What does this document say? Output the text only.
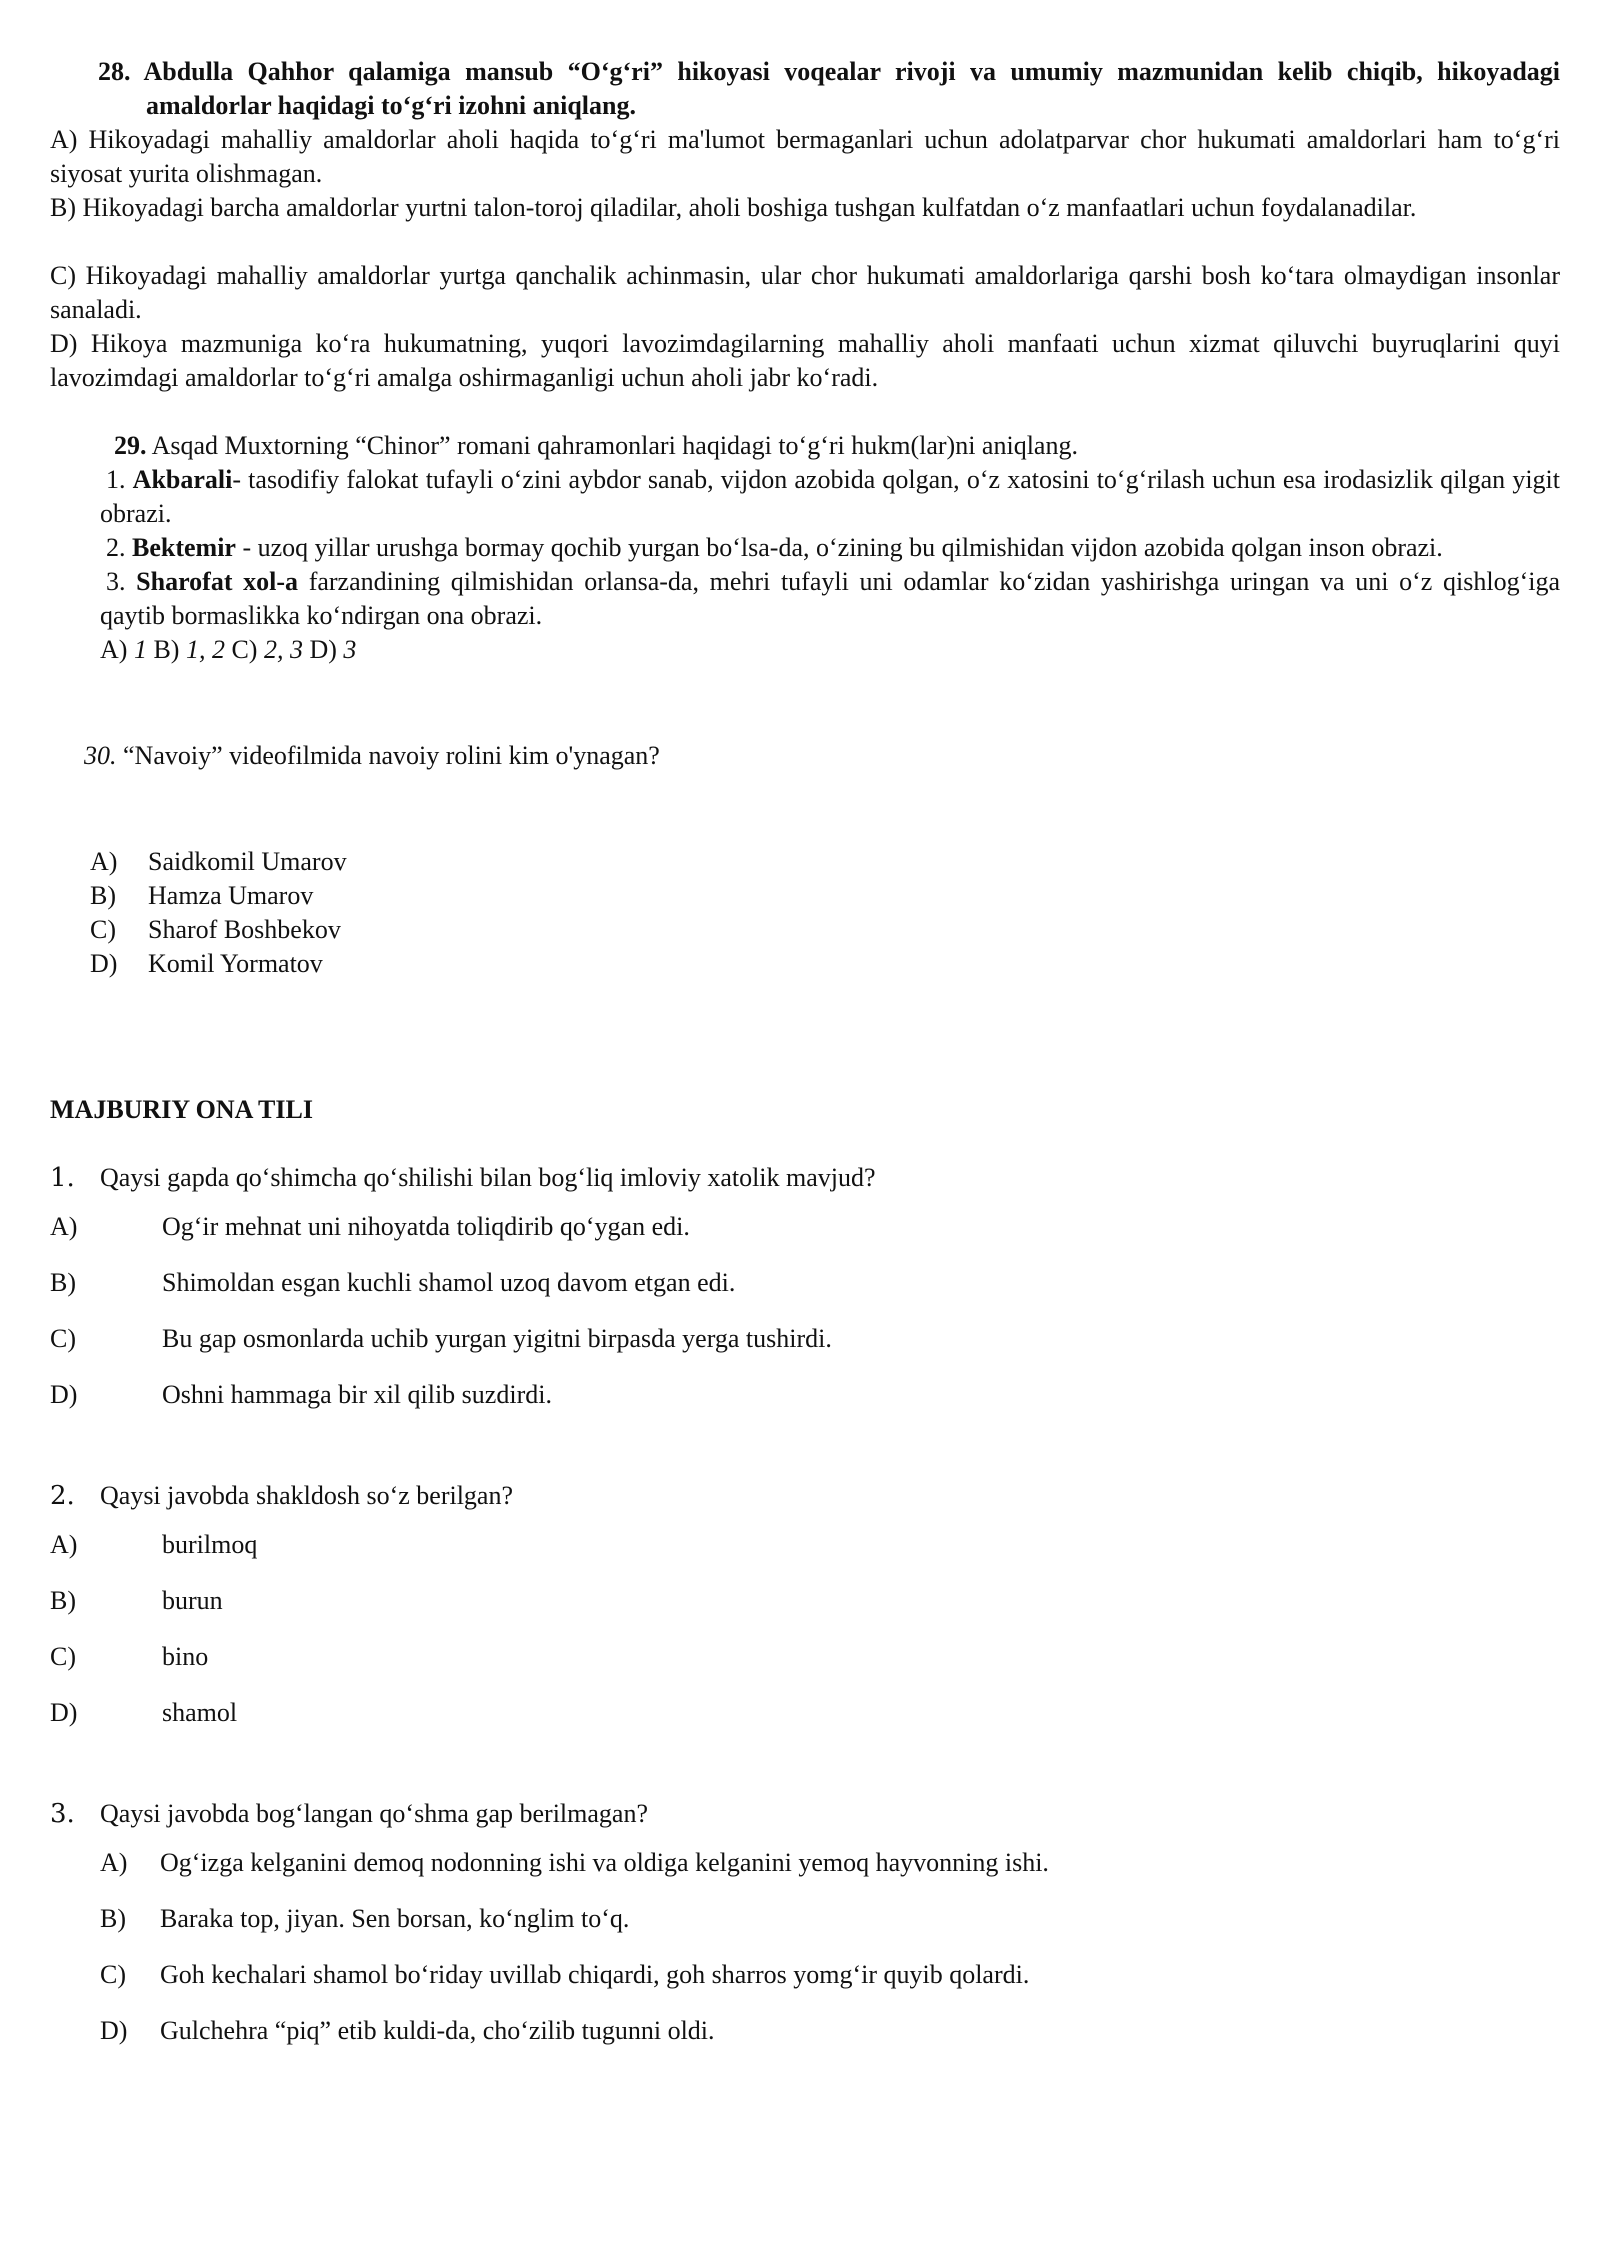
28. Abdulla Qahhor qalamiga mansub “O‘g‘ri” hikoyasi voqealar rivoji va umumiy mazmunidan kelib chiqib, hikoyadagi amaldorlar haqidagi to‘g‘ri izohni aniqlang.

A) Hikoyadagi mahalliy amaldorlar aholi haqida to‘g‘ri ma'lumot bermaganlari uchun adolatparvar chor hukumati amaldorlari ham to‘g‘ri siyosat yurita olishmagan.

B) Hikoyadagi barcha amaldorlar yurtni talon-toroj qiladilar, aholi boshiga tushgan kulfatdan o‘z manfaatlari uchun foydalanadilar.

C) Hikoyadagi mahalliy amaldorlar yurtga qanchalik achinmasin, ular chor hukumati amaldorlariga qarshi bosh ko‘tara olmaydigan insonlar sanaladi.

D) Hikoya mazmuniga ko‘ra hukumatning, yuqori lavozimdagilarning mahalliy aholi manfaati uchun xizmat qiluvchi buyruqlarini quyi lavozimdagi amaldorlar to‘g‘ri amalga oshirmaganligi uchun aholi jabr ko‘radi.

29. Asqad Muxtorning “Chinor” romani qahramonlari haqidagi to‘g‘ri hukm(lar)ni aniqlang.

1. Akbarali- tasodifiy falokat tufayli o‘zini aybdor sanab, vijdon azobida qolgan, o‘z xatosini to‘g‘rilash uchun esa irodasizlik qilgan yigit obrazi.

2. Bektemir - uzoq yillar urushga bormay qochib yurgan bo‘lsa-da, o‘zining bu qilmishidan vijdon azobida qolgan inson obrazi.

3. Sharofat xol-a farzandining qilmishidan orlansa-da, mehri tufayli uni odamlar ko‘zidan yashirishga uringan va uni o‘z qishlog‘iga qaytib bormaslikka ko‘ndirgan ona obrazi.

A) 1 B) 1, 2 C) 2, 3 D) 3

30. “Navoiy” videofilmida navoiy rolini kim o'ynagan?

A)	Saidkomil Umarov
B)	Hamza Umarov
C)	Sharof Boshbekov
D)	Komil Yormatov

MAJBURIY ONA TILI

1. Qaysi gapda qo‘shimcha qo‘shilishi bilan bog‘liq imloviy xatolik mavjud?
A)	Og‘ir mehnat uni nihoyatda toliqdirib qo‘ygan edi.
B)	Shimoldan esgan kuchli shamol uzoq davom etgan edi.
C)	Bu gap osmonlarda uchib yurgan yigitni birpasda yerga tushirdi.
D)	Oshni hammaga bir xil qilib suzdirdi.
2. Qaysi javobda shakldosh so‘z berilgan?
A)	burilmoq
B)	burun
C)	bino
D)	shamol
3. Qaysi javobda bog‘langan qo‘shma gap berilmagan?
A)	Og‘izga kelganini demoq nodonning ishi va oldiga kelganini yemoq hayvonning ishi.
B)	Baraka top, jiyan. Sen borsan, ko‘nglim to‘q.
C)	Goh kechalari shamol bo‘riday uvillab chiqardi, goh sharros yomg‘ir quyib qolardi.
D)	Gulchehra “piq” etib kuldi-da, cho‘zilib tugunni oldi.
